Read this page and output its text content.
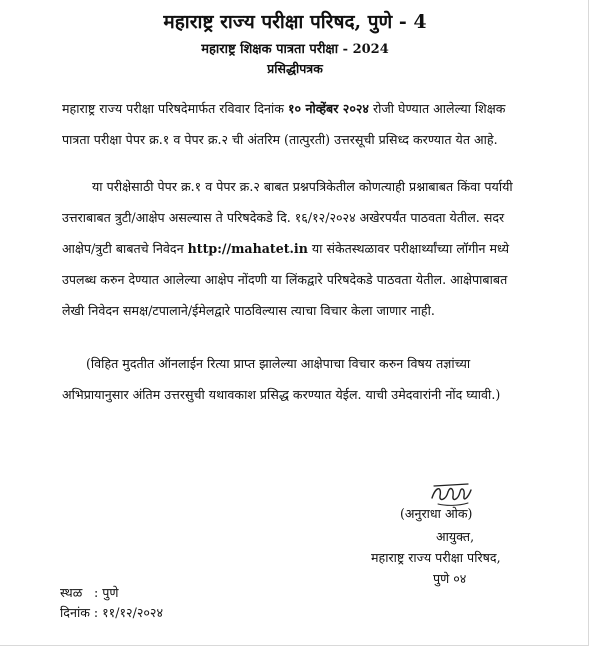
महाराष्ट्र राज्य परीक्षा परिषद, पुणे - 4
महाराष्ट्र शिक्षक पात्रता परीक्षा - 2024
प्रसिद्धीपत्रक
महाराष्ट्र राज्य परीक्षा परिषदेमार्फत रविवार दिनांक १० नोव्हेंबर २०२४ रोजी घेण्यात आलेल्या शिक्षक
पात्रता परीक्षा पेपर क्र.१ व पेपर क्र.२ ची अंतरिम (तात्पुरती) उत्तरसूची प्रसिध्द करण्यात येत आहे.
या परीक्षेसाठी पेपर क्र.१ व पेपर क्र.२ बाबत प्रश्नपत्रिकेतील कोणत्याही प्रश्नाबाबत किंवा पर्यायी
उत्तराबाबत त्रुटी/आक्षेप असल्यास ते परिषदेकडे दि. १६/१२/२०२४ अखेरपर्यंत पाठवता येतील. सदर
आक्षेप/त्रुटी बाबतचे निवेदन http://mahatet.in या संकेतस्थळावर परीक्षार्थ्यांच्या लॉगीन मध्ये
उपलब्ध करुन देण्यात आलेल्या आक्षेप नोंदणी या लिंकद्वारे परिषदेकडे पाठवता येतील. आक्षेपाबाबत
लेखी निवेदन समक्ष/टपालाने/ईमेलद्वारे पाठविल्यास त्याचा विचार केला जाणार नाही.
(विहित मुदतीत ऑनलाईन रित्या प्राप्त झालेल्या आक्षेपाचा विचार करुन विषय तज्ञांच्या
अभिप्रायानुसार अंतिम उत्तरसुची यथावकाश प्रसिद्ध करण्यात येईल. याची उमेदवारांनी नोंद घ्यावी.)
(अनुराधा ओक)
आयुक्त,
महाराष्ट्र राज्य परीक्षा परिषद,
पुणे ०४
स्थळ : पुणे
दिनांक : ११/१२/२०२४
